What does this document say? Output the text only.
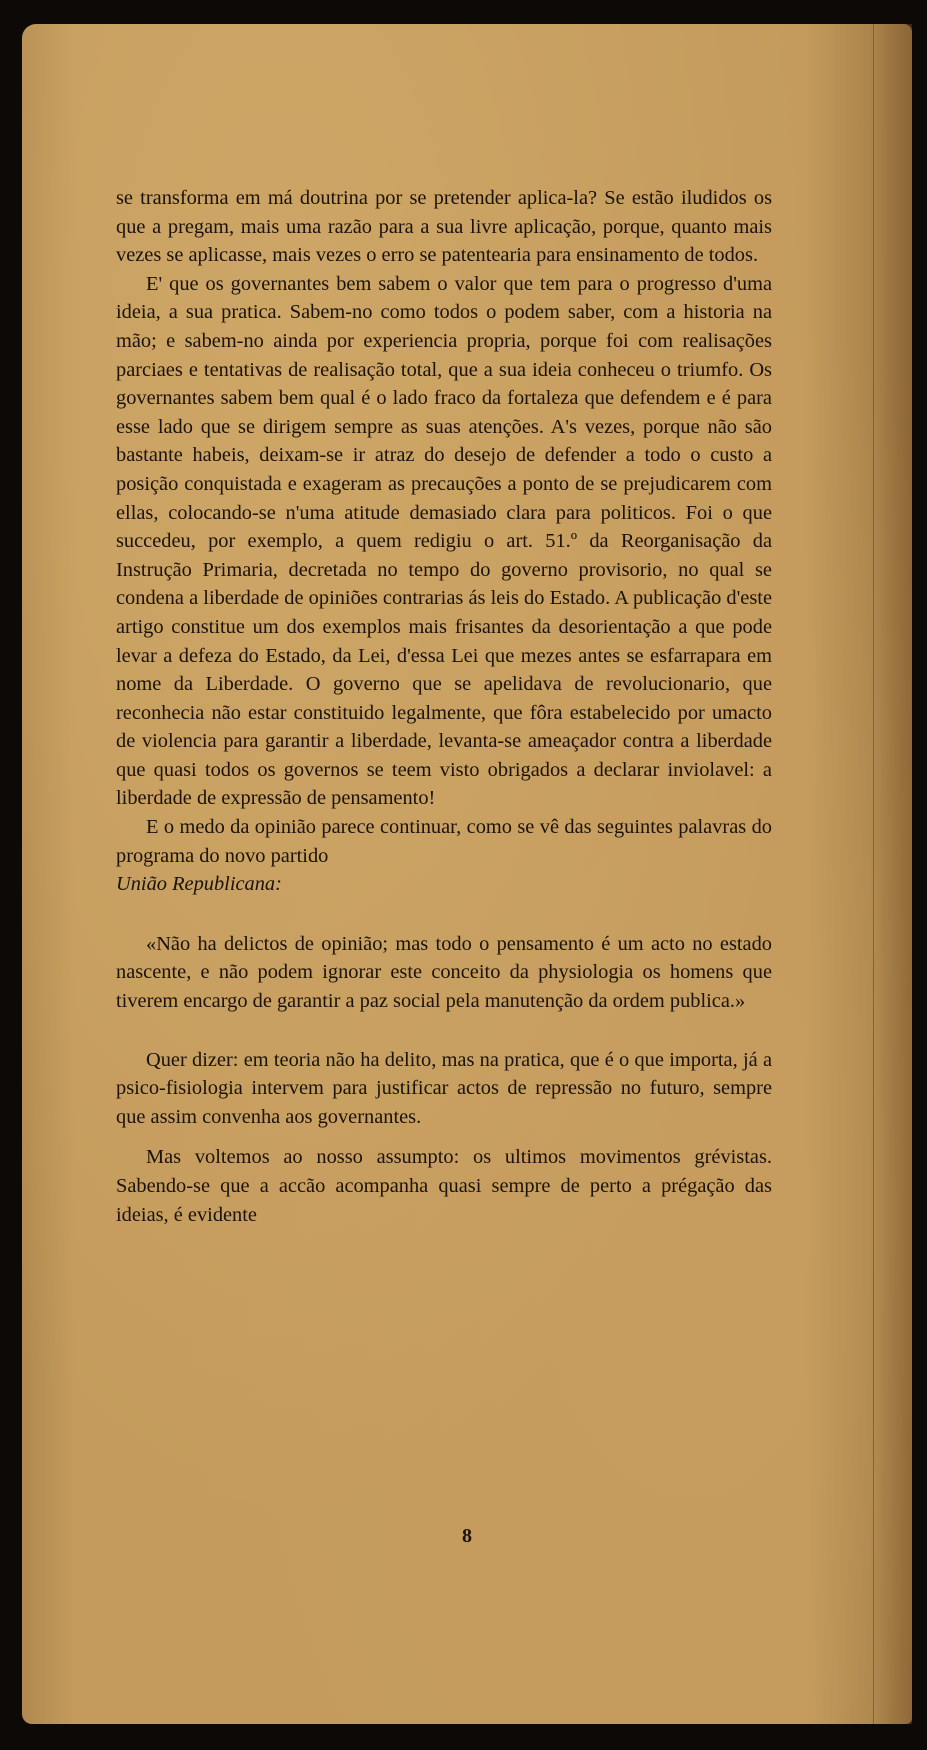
se transforma em má doutrina por se pretender aplica-la? Se estão iludidos os que a pregam, mais uma razão para a sua livre aplicação, porque, quanto mais vezes se aplicasse, mais vezes o erro se patentearia para ensinamento de todos.

E' que os governantes bem sabem o valor que tem para o progresso d'uma ideia, a sua pratica. Sabem-no como todos o podem saber, com a historia na mão; e sabem-no ainda por experiencia propria, porque foi com realisações parciaes e tentativas de realisação total, que a sua ideia conheceu o triumfo. Os governantes sabem bem qual é o lado fraco da fortaleza que defendem e é para esse lado que se dirigem sempre as suas atenções. A's vezes, porque não são bastante habeis, deixam-se ir atraz do desejo de defender a todo o custo a posição conquistada e exageram as precauções a ponto de se prejudicarem com ellas, colocando-se n'uma atitude demasiado clara para politicos. Foi o que succedeu, por exemplo, a quem redigiu o art. 51.º da Reorganisação da Instrução Primaria, decretada no tempo do governo provisorio, no qual se condena a liberdade de opiniões contrarias ás leis do Estado. A publicação d'este artigo constitue um dos exemplos mais frisantes da desorientação a que pode levar a defeza do Estado, da Lei, d'essa Lei que mezes antes se esfarrapara em nome da Liberdade. O governo que se apelidava de revolucionario, que reconhecia não estar constituido legalmente, que fôra estabelecido por umacto de violencia para garantir a liberdade, levanta-se ameaçador contra a liberdade que quasi todos os governos se teem visto obrigados a declarar inviolavel: a liberdade de expressão de pensamento!

E o medo da opinião parece continuar, como se vê das seguintes palavras do programa do novo partido
União Republicana:

«Não ha delictos de opinião; mas todo o pensamento é um acto no estado nascente, e não podem ignorar este conceito da physiologia os homens que tiverem encargo de garantir a paz social pela manutenção da ordem publica.»

Quer dizer: em teoria não ha delito, mas na pratica, que é o que importa, já a psico-fisiologia intervem para justificar actos de repressão no futuro, sempre que assim convenha aos governantes.

Mas voltemos ao nosso assumpto: os ultimos movimentos grévistas. Sabendo-se que a accão acompanha quasi sempre de perto a prégação das ideias, é evidente

8
